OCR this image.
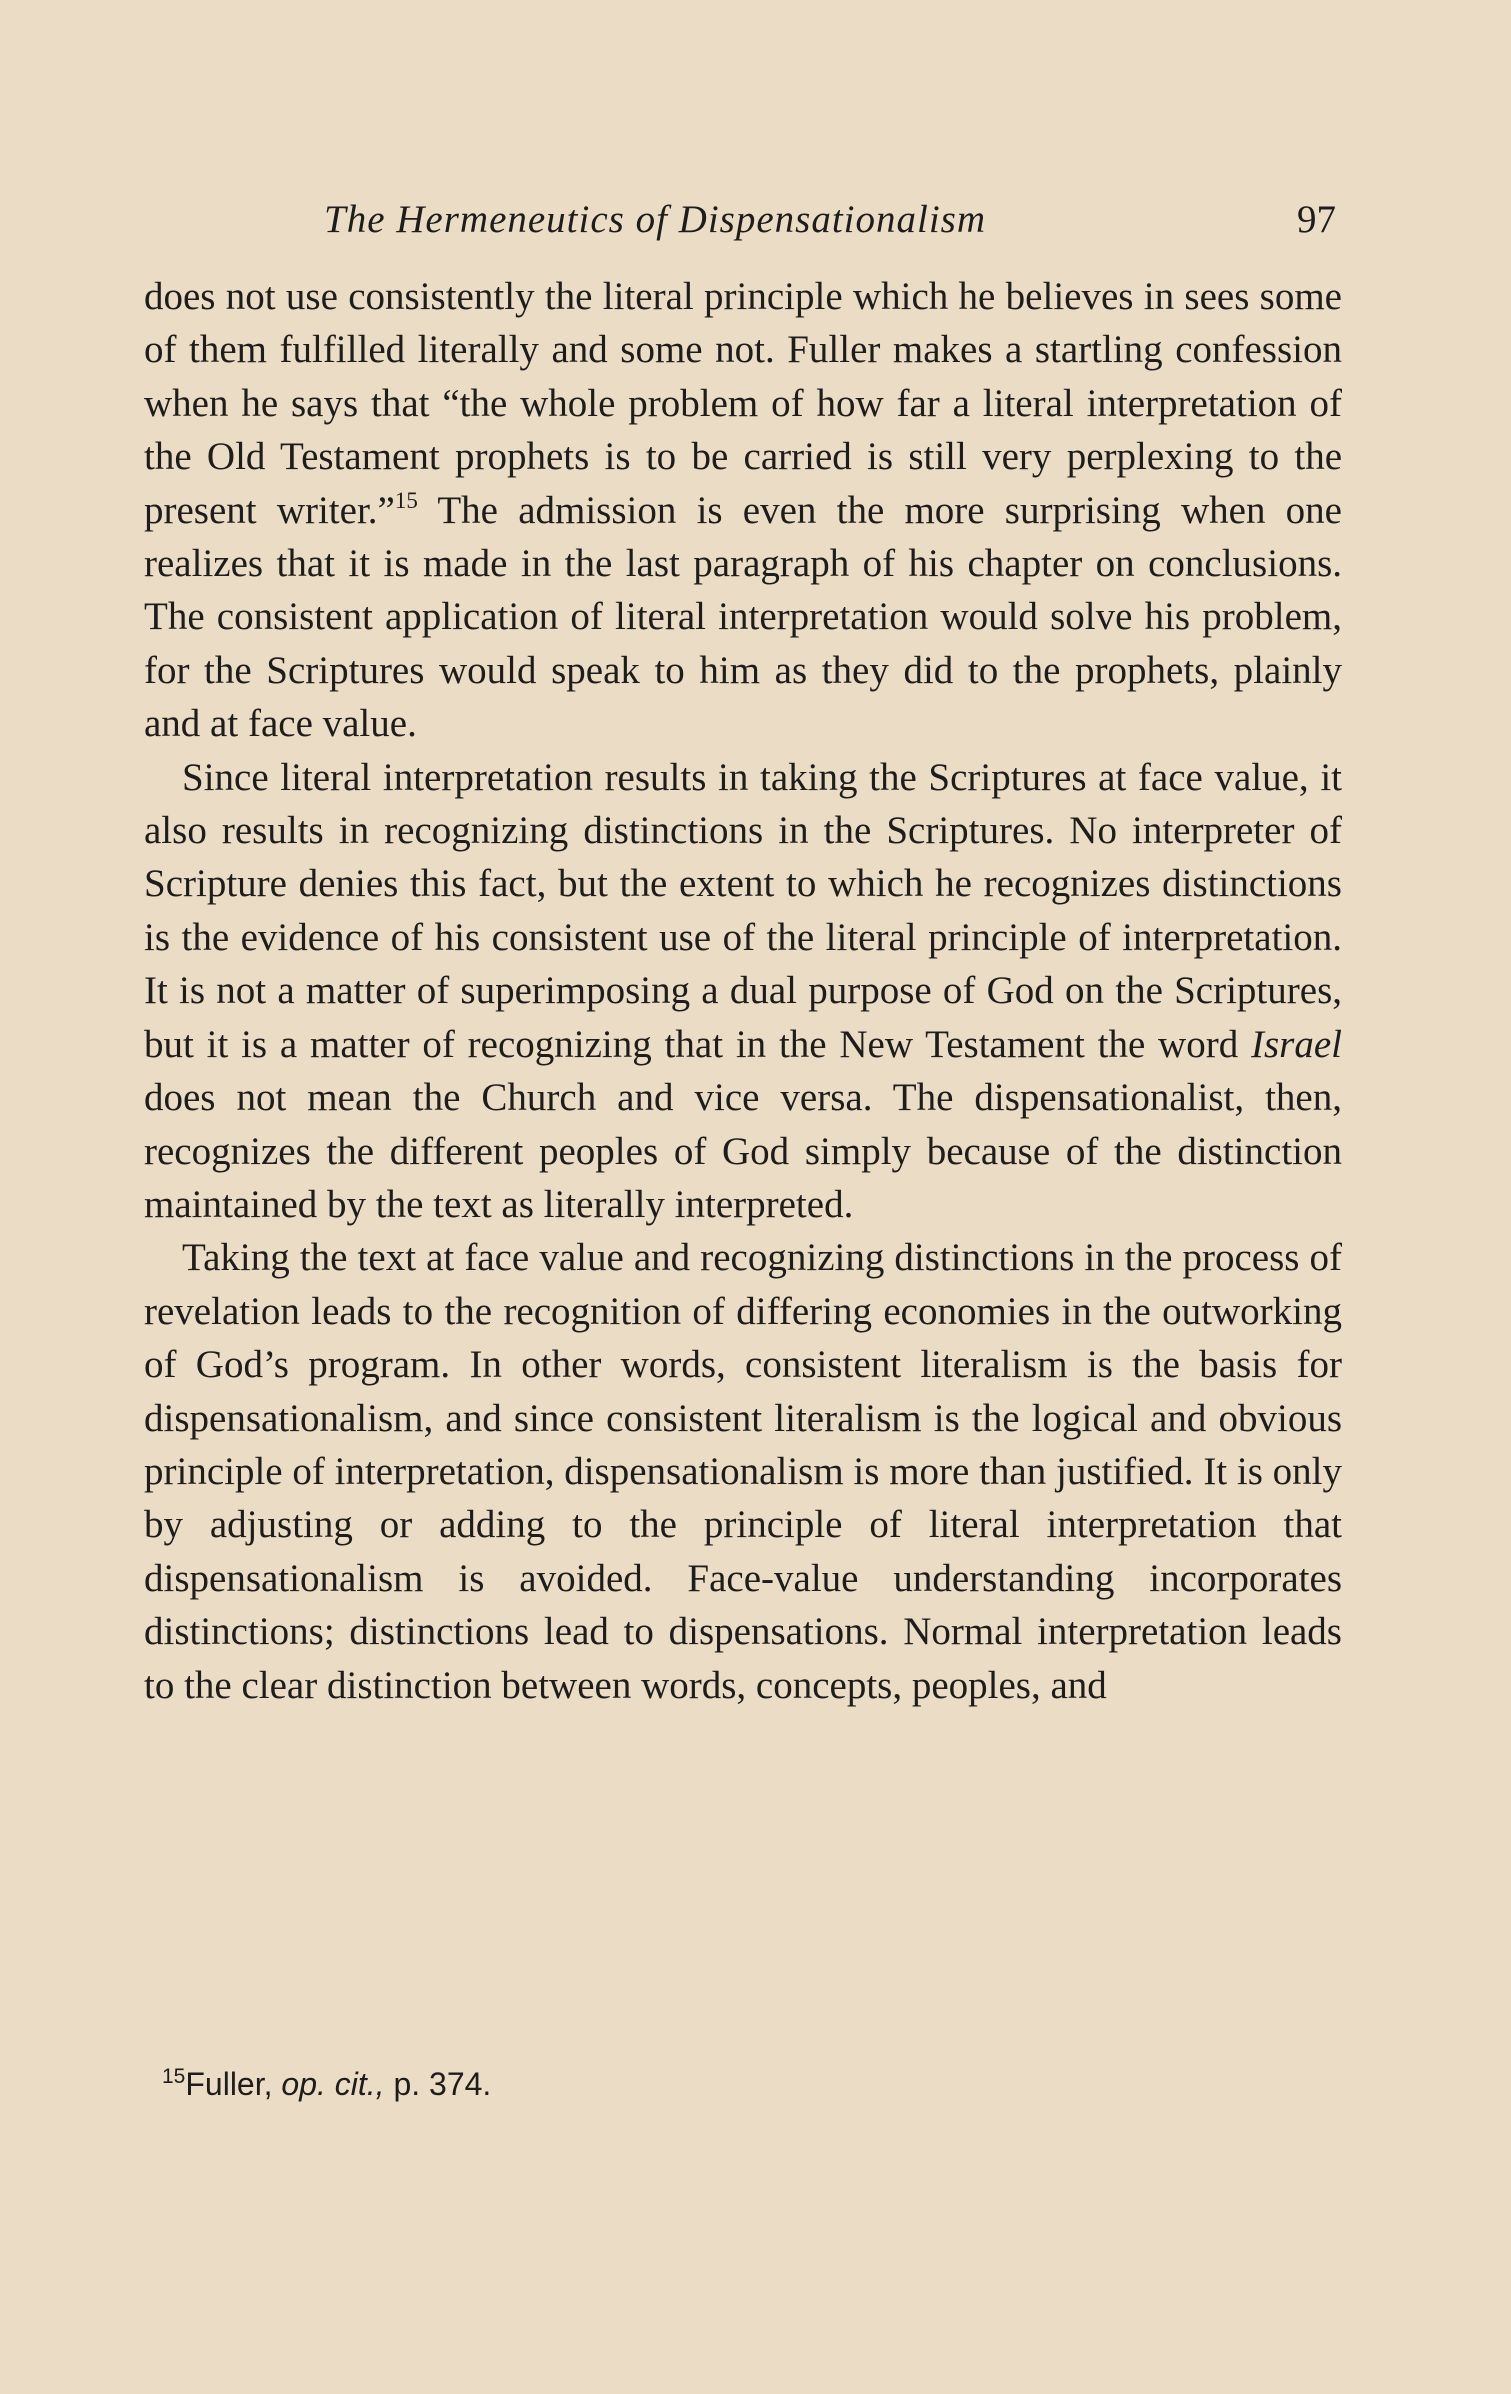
The Hermeneutics of Dispensationalism	97

does not use consistently the literal principle which he believes in sees some of them fulfilled literally and some not. Fuller makes a startling confession when he says that “the whole problem of how far a literal interpretation of the Old Testament prophets is to be carried is still very perplexing to the present writer.”$^{15}$ The admission is even the more surprising when one realizes that it is made in the last paragraph of his chapter on conclusions. The consistent application of literal interpretation would solve his problem, for the Scriptures would speak to him as they did to the prophets, plainly and at face value.

Since literal interpretation results in taking the Scriptures at face value, it also results in recognizing distinctions in the Scriptures. No interpreter of Scripture denies this fact, but the extent to which he recognizes distinctions is the evidence of his consistent use of the literal principle of interpretation. It is not a matter of superimposing a dual purpose of God on the Scriptures, but it is a matter of recognizing that in the New Testament the word Israel does not mean the Church and vice versa. The dispensationalist, then, recognizes the different peoples of God simply because of the distinction maintained by the text as literally interpreted.

Taking the text at face value and recognizing distinctions in the process of revelation leads to the recognition of differing economies in the outworking of God’s program. In other words, consistent literalism is the basis for dispensationalism, and since consistent literalism is the logical and obvious principle of interpretation, dispensationalism is more than justified. It is only by adjusting or adding to the principle of literal interpretation that dispensationalism is avoided. Face-value understanding incorporates distinctions; distinctions lead to dispensations. Normal interpretation leads to the clear distinction between words, concepts, peoples, and

$^{15}$Fuller, op. cit., p. 374.
